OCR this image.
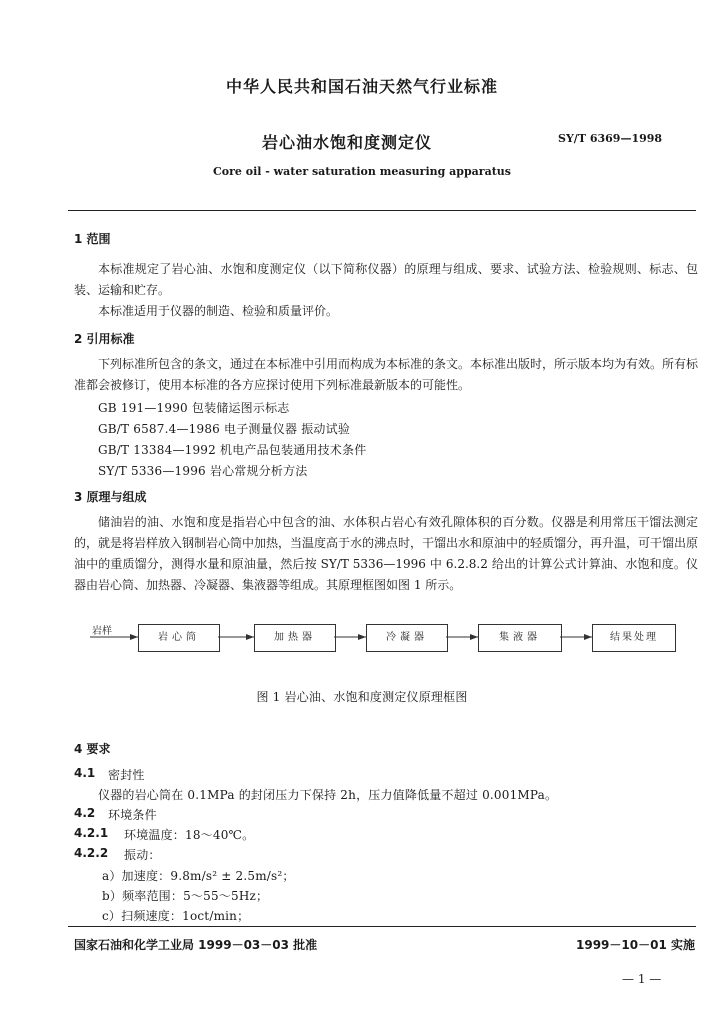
中华人民共和国石油天然气行业标准
岩心油水饱和度测定仪	SY/T 6369—1998
Core oil - water saturation measuring apparatus
1 范围

本标准规定了岩心油、水饱和度测定仪（以下简称仪器）的原理与组成、要求、试验方法、检验规则、标志、包装、运输和贮存。

本标准适用于仪器的制造、检验和质量评价。

2 引用标准

下列标准所包含的条文，通过在本标准中引用而构成为本标准的条文。本标准出版时，所示版本均为有效。所有标准都会被修订，使用本标准的各方应探讨使用下列标准最新版本的可能性。

GB 191—1990 包装储运图示标志
GB/T 6587.4—1986 电子测量仪器 振动试验
GB/T 13384—1992 机电产品包装通用技术条件
SY/T 5336—1996 岩心常规分析方法
3 原理与组成

储油岩的油、水饱和度是指岩心中包含的油、水体积占岩心有效孔隙体积的百分数。仪器是利用常压干馏法测定的，就是将岩样放入钢制岩心筒中加热，当温度高于水的沸点时，干馏出水和原油中的轻质馏分，再升温，可干馏出原油中的重质馏分，测得水量和原油量，然后按 SY/T 5336—1996 中 6.2.8.2 给出的计算公式计算油、水饱和度。仪器由岩心筒、加热器、冷凝器、集液器等组成。其原理框图如图 1 所示。

岩样
岩心筒	加热器	冷凝器	集液器	结果处理
图 1 岩心油、水饱和度测定仪原理框图
4 要求
4.1 密封性
仪器的岩心筒在 0.1MPa 的封闭压力下保持 2h，压力值降低量不超过 0.001MPa。
4.2 环境条件
4.2.1 环境温度：18～40℃。
4.2.2 振动：
a）加速度：9.8m/s² ± 2.5m/s²；
b）频率范围：5～55～5Hz；
c）扫频速度：1oct/min；
国家石油和化学工业局 1999－03－03 批准	1999－10－01 实施
— 1 —
